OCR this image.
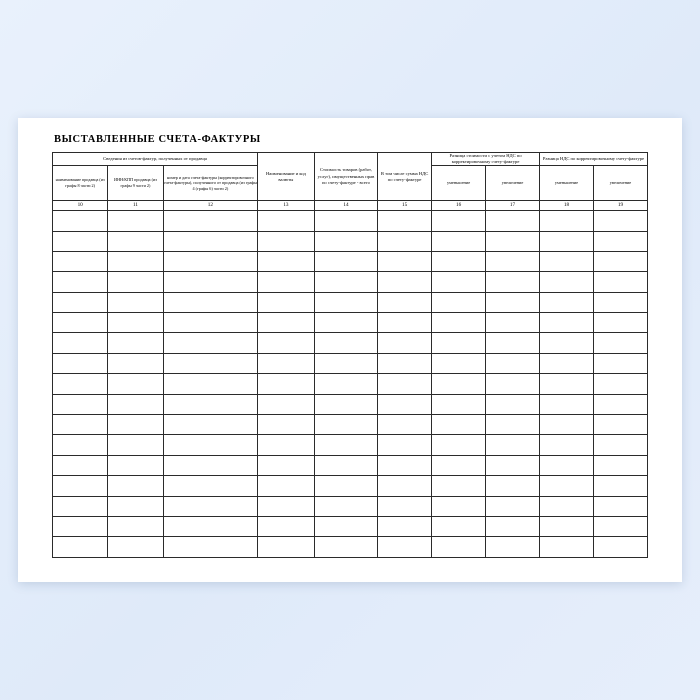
ВЫСТАВЛЕННЫЕ СЧЕТА-ФАКТУРЫ
Сведения из счетов-фактур, полученных от продавца			Наименование и код валюты	Стоимость товаров (работ, услуг), имущественных прав по счету-фактуре - всего	В том числе сумма НДС по счету-фактуре	Разница стоимости с учетом НДС по корректировочному счету-фактуре		Разница НДС по корректировочному счету-фактуре	
наименование продавца (из графы 8 части 2)	ИНН/КПП продавца (из графы 9 части 2)	номер и дата счета-фактуры (корректировочного счета-фактуры), полученного от продавца (из графы 4 (графы 6) части 2)				уменьшение	увеличение	уменьшение	увеличение
10	11	12	13	14	15	16	17	18	19
